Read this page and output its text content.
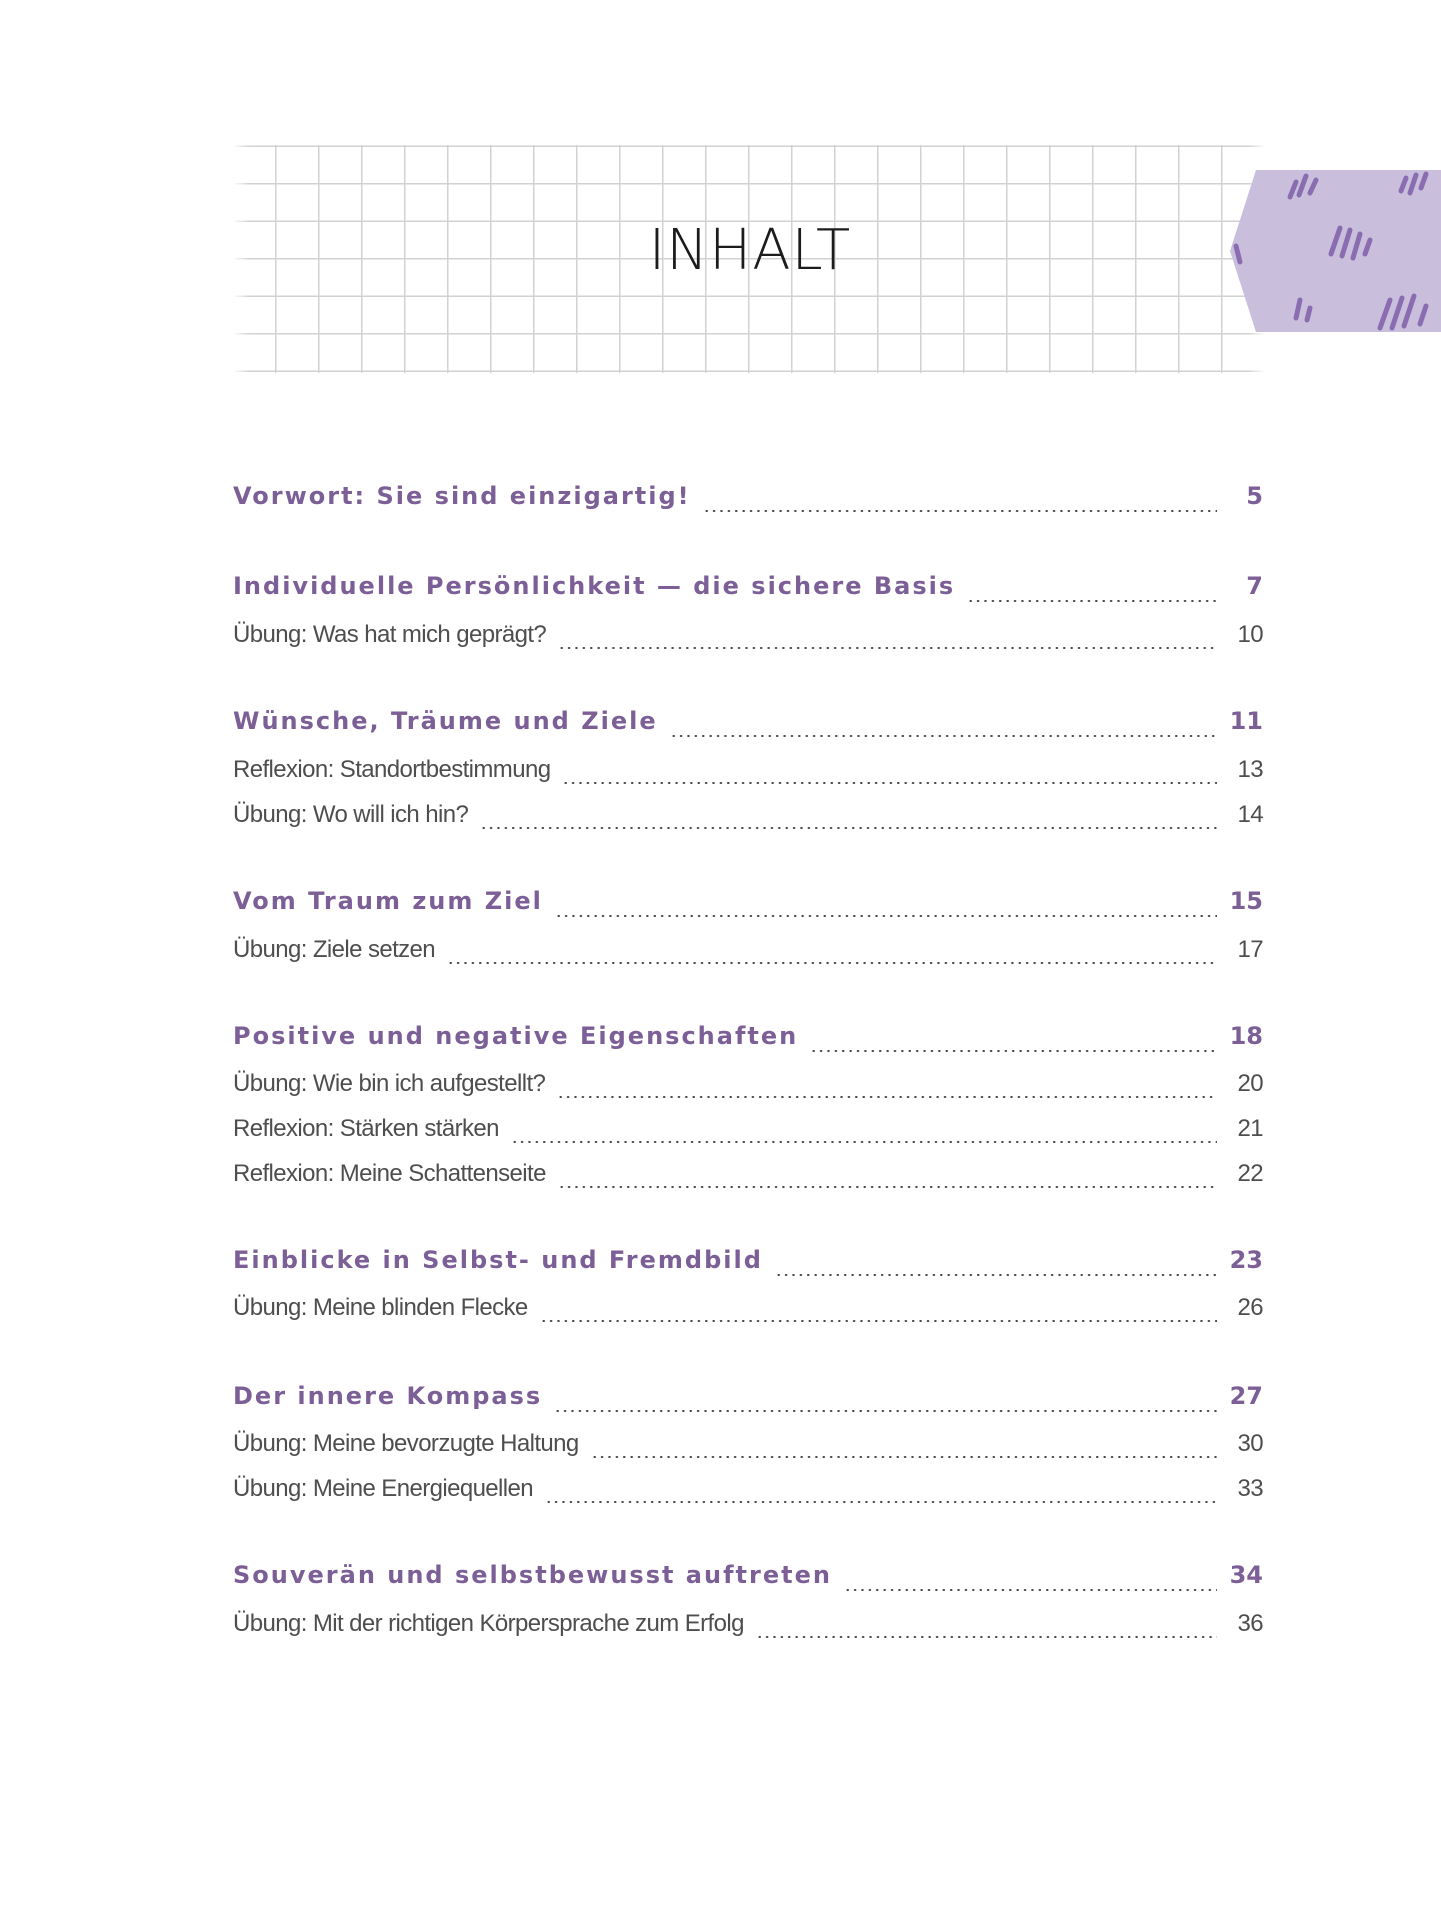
INHALT
Vorwort: Sie sind einzigartig!	5
Individuelle Persönlichkeit — die sichere Basis	7
Übung: Was hat mich geprägt?	10
Wünsche, Träume und Ziele	11
Reflexion: Standortbestimmung	13
Übung: Wo will ich hin?	14
Vom Traum zum Ziel	15
Übung: Ziele setzen	17
Positive und negative Eigenschaften	18
Übung: Wie bin ich aufgestellt?	20
Reflexion: Stärken stärken	21
Reflexion: Meine Schattenseite	22
Einblicke in Selbst- und Fremdbild	23
Übung: Meine blinden Flecke	26
Der innere Kompass	27
Übung: Meine bevorzugte Haltung	30
Übung: Meine Energiequellen	33
Souverän und selbstbewusst auftreten	34
Übung: Mit der richtigen Körpersprache zum Erfolg	36
